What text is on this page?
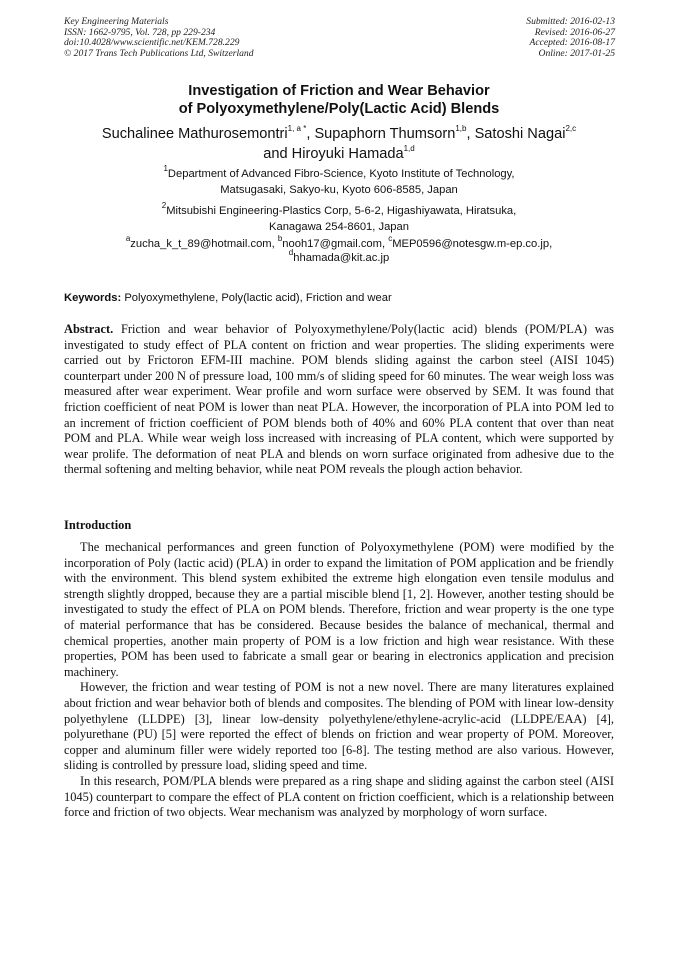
Key Engineering Materials
ISSN: 1662-9795, Vol. 728, pp 229-234
doi:10.4028/www.scientific.net/KEM.728.229
© 2017 Trans Tech Publications Ltd, Switzerland
Submitted: 2016-02-13
Revised: 2016-06-27
Accepted: 2016-08-17
Online: 2017-01-25
Investigation of Friction and Wear Behavior
of Polyoxymethylene/Poly(Lactic Acid) Blends
Suchalinee Mathurosemontri$^{1, a *}$, Supaphorn Thumsorn$^{1,b}$, Satoshi Nagai$^{2,c}$
and Hiroyuki Hamada$^{1,d}$
$^1$Department of Advanced Fibro-Science, Kyoto Institute of Technology,
Matsugasaki, Sakyo-ku, Kyoto 606-8585, Japan
$^2$Mitsubishi Engineering-Plastics Corp, 5-6-2, Higashiyawata, Hiratsuka,
Kanagawa 254-8601, Japan
$^a$zucha_k_t_89@hotmail.com, $^b$nooh17@gmail.com, $^c$MEP0596@notesgw.m-ep.co.jp,
$^d$hhamada@kit.ac.jp
Keywords: Polyoxymethylene, Poly(lactic acid), Friction and wear
Abstract. Friction and wear behavior of Polyoxymethylene/Poly(lactic acid) blends (POM/PLA) was investigated to study effect of PLA content on friction and wear properties. The sliding experiments were carried out by Frictoron EFM-III machine. POM blends sliding against the carbon steel (AISI 1045) counterpart under 200 N of pressure load, 100 mm/s of sliding speed for 60 minutes. The wear weigh loss was measured after wear experiment. Wear profile and worn surface were observed by SEM. It was found that friction coefficient of neat POM is lower than neat PLA. However, the incorporation of PLA into POM led to an increment of friction coefficient of POM blends both of 40% and 60% PLA content that over than neat POM and PLA. While wear weigh loss increased with increasing of PLA content, which were supported by wear prolife. The deformation of neat PLA and blends on worn surface originated from adhesive due to the thermal softening and melting behavior, while neat POM reveals the plough action behavior.
Introduction

The mechanical performances and green function of Polyoxymethylene (POM) were modified by the incorporation of Poly (lactic acid) (PLA) in order to expand the limitation of POM application and be friendly with the environment. This blend system exhibited the extreme high elongation even tensile modulus and strength slightly dropped, because they are a partial miscible blend [1, 2]. However, another testing should be investigated to study the effect of PLA on POM blends. Therefore, friction and wear property is the one type of material performance that has be considered. Because besides the balance of mechanical, thermal and chemical properties, another main property of POM is a low friction and high wear resistance. With these properties, POM has been used to fabricate a small gear or bearing in electronics application and precision machinery.

However, the friction and wear testing of POM is not a new novel. There are many literatures explained about friction and wear behavior both of blends and composites. The blending of POM with linear low-density polyethylene (LLDPE) [3], linear low-density polyethylene/ethylene-acrylic-acid (LLDPE/EAA) [4], polyurethane (PU) [5] were reported the effect of blends on friction and wear property of POM. Moreover, copper and aluminum filler were widely reported too [6-8]. The testing method are also various. However, sliding is controlled by pressure load, sliding speed and time.

In this research, POM/PLA blends were prepared as a ring shape and sliding against the carbon steel (AISI 1045) counterpart to compare the effect of PLA content on friction coefficient, which is a relationship between force and friction of two objects. Wear mechanism was analyzed by morphology of worn surface.
